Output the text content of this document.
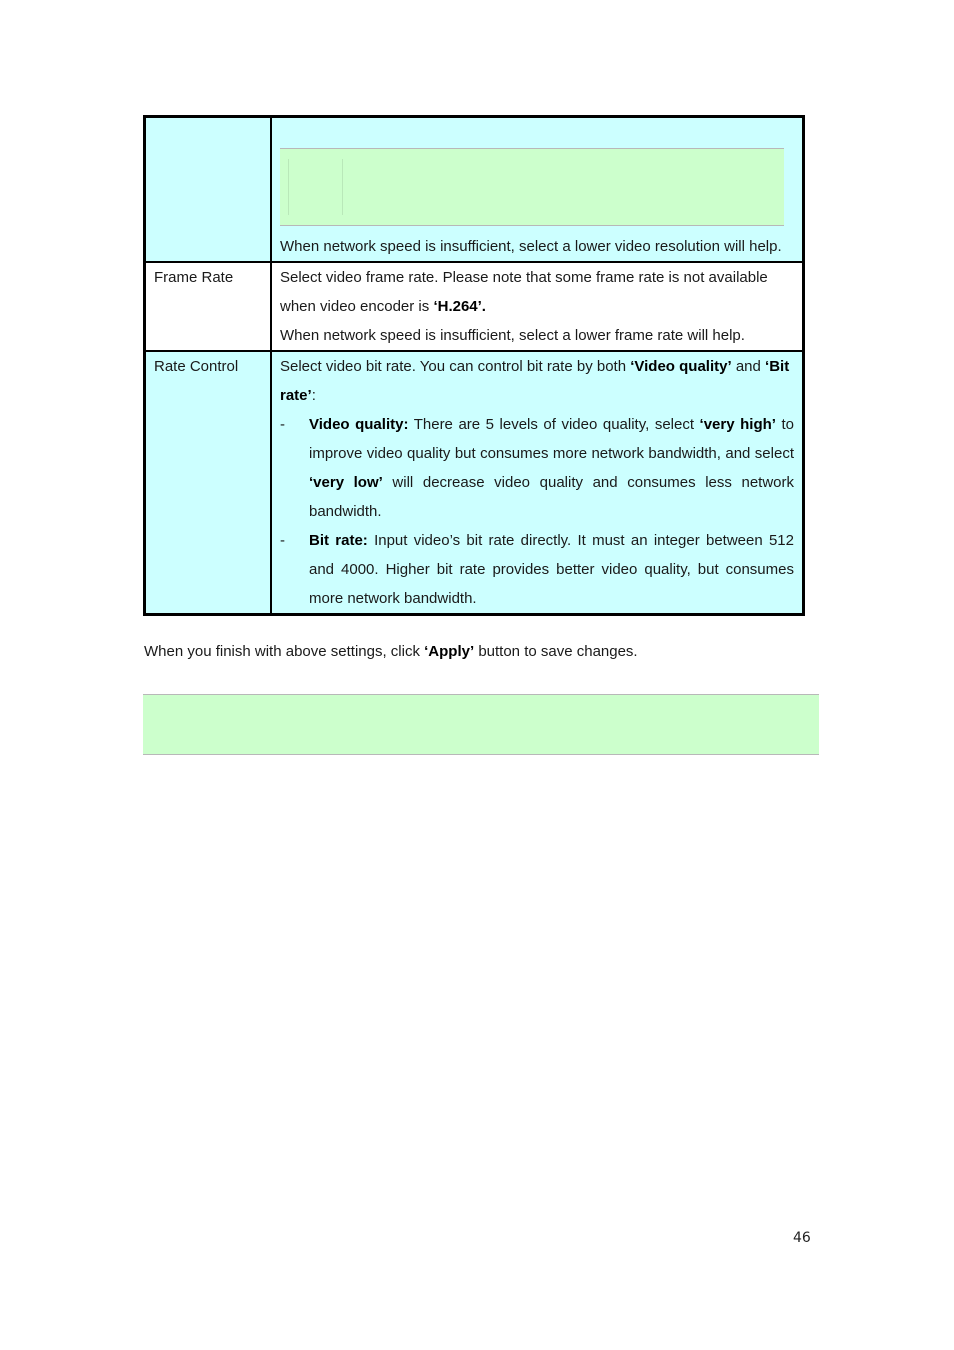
	When network speed is insufficient, select a lower video resolution will help.

Frame Rate	Select video frame rate. Please note that some frame rate is not available when video encoder is ‘H.264’.
When network speed is insufficient, select a lower frame rate will help.

Rate Control	Select video bit rate. You can control bit rate by both ‘Video quality’ and ‘Bit rate’:
- Video quality: There are 5 levels of video quality, select ‘very high’ to improve video quality but consumes more network bandwidth, and select ‘very low’ will decrease video quality and consumes less network bandwidth.
- Bit rate: Input video’s bit rate directly. It must an integer between 512 and 4000. Higher bit rate provides better video quality, but consumes more network bandwidth.
When you finish with above settings, click ‘Apply’ button to save changes.
46
